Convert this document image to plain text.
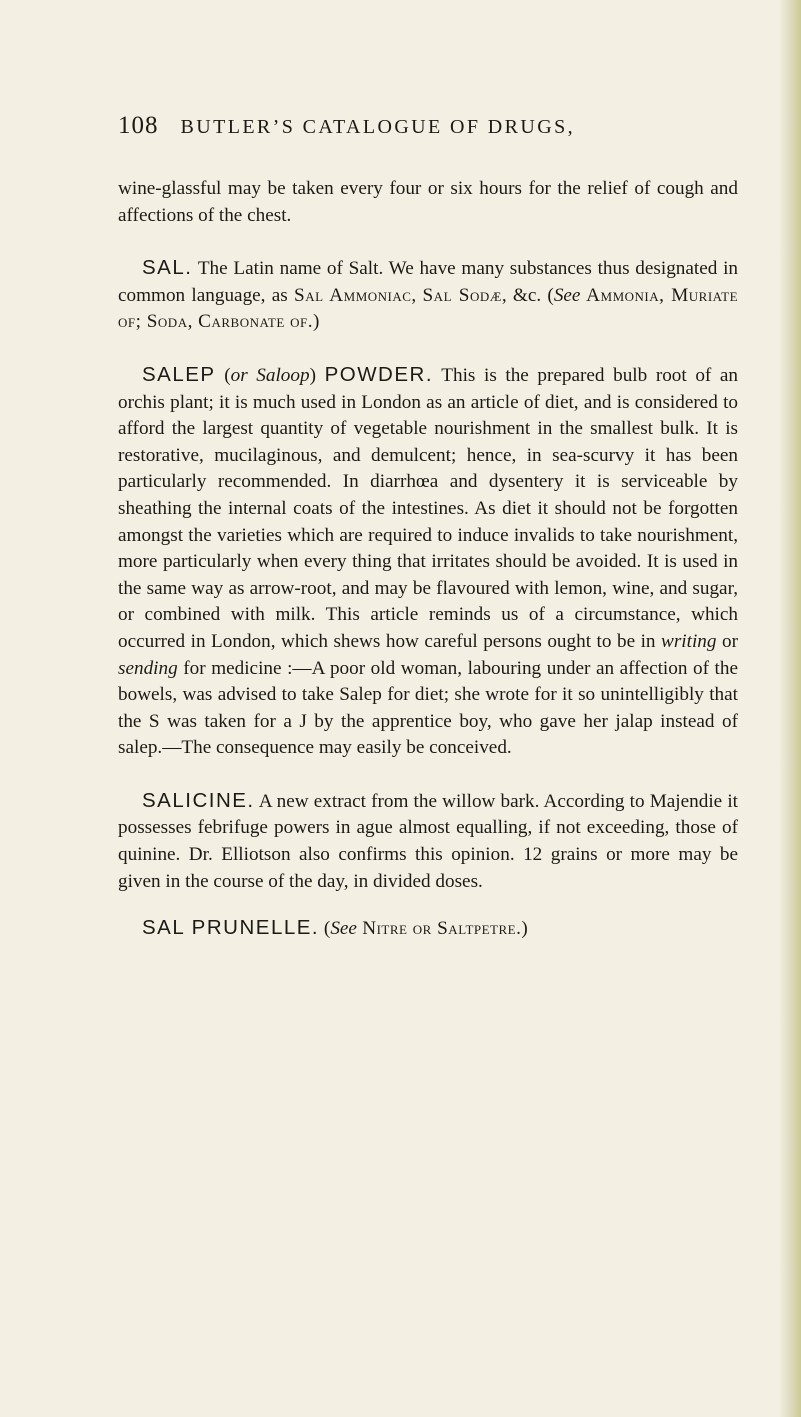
108 BUTLER’S CATALOGUE OF DRUGS,

wine-glassful may be taken every four or six hours for the relief of cough and affections of the chest.

SAL. The Latin name of Salt. We have many substances thus designated in common language, as Sal Ammoniac, Sal Sodæ, &c. (See Ammonia, Muriate of; Soda, Carbonate of.)

SALEP (or Saloop) POWDER. This is the prepared bulb root of an orchis plant; it is much used in London as an article of diet, and is considered to afford the largest quantity of vegetable nourishment in the smallest bulk. It is restorative, mucilaginous, and demulcent; hence, in sea-scurvy it has been particularly recommended. In diarrhœa and dysentery it is serviceable by sheathing the internal coats of the intestines. As diet it should not be forgotten amongst the varieties which are required to induce invalids to take nourishment, more particularly when every thing that irritates should be avoided. It is used in the same way as arrow-root, and may be flavoured with lemon, wine, and sugar, or combined with milk. This article reminds us of a circumstance, which occurred in London, which shews how careful persons ought to be in writing or sending for medicine :—A poor old woman, labouring under an affection of the bowels, was advised to take Salep for diet; she wrote for it so unintelligibly that the S was taken for a J by the apprentice boy, who gave her jalap instead of salep.—The consequence may easily be conceived.

SALICINE. A new extract from the willow bark. According to Majendie it possesses febrifuge powers in ague almost equalling, if not exceeding, those of quinine. Dr. Elliotson also confirms this opinion. 12 grains or more may be given in the course of the day, in divided doses.

SAL PRUNELLE. (See Nitre or Saltpetre.)
